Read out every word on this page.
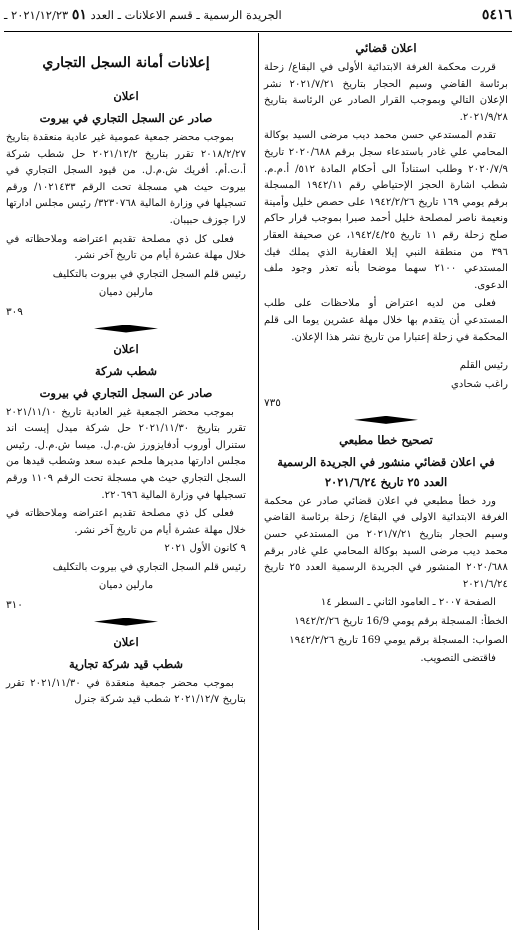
٥٤١٦
الجريدة الرسمية ـ قسم الاعلانات ـ العدد ٥١ ٢٠٢١/١٢/٢٣ ـ

اعلان قضائي

قررت محكمة الغرفة الابتدائية الأولى في البقاع/ زحلة برئاسة القاضي وسيم الحجار بتاريخ ٢٠٢١/٧/٢١ نشر الإعلان التالي وبموجب القرار الصادر عن الرئاسة بتاريخ ٢٠٢١/٩/٢٨.

تقدم المستدعي حسن محمد ديب مرضى السيد بوكالة المحامي علي غادر باستدعاء سجل برقم ٢٠٢٠/٦٨٨ تاريخ ٢٠٢٠/٧/٩ وطلب استناداً الى أحكام المادة ٥١٢/ أ.م.م. شطب اشارة الحجز الإحتياطي رقم ١٩٤٢/١١ المسجلة برقم يومي ١٦٩ تاريخ ١٩٤٢/٢/٢٦ على حصص خليل وأمينة ونعيمة ناصر لمصلحة خليل أحمد صبرا بموجب قرار حاكم صلح زحلة رقم ١١ تاريخ ١٩٤٢/٤/٢٥، عن صحيفة العقار ٣٩٦ من منطقة النبي إيلا العقارية الذي يملك فيك المستدعي ٢١٠٠ سهما موضحا بأنه تعذر وجود ملف الدعوى.

فعلى من لديه اعتراض أو ملاحظات على طلب المستدعي أن يتقدم بها خلال مهلة عشرين يوما الى قلم المحكمة في زحلة إعتبارا من تاريخ نشر هذا الإعلان.

رئيس القلم

راغب شحادي

٧٣٥

تصحيح خطا مطبعي

في اعلان قضائي منشور في الجريدة الرسمية العدد ٢٥ تاريخ ٢٠٢١/٦/٢٤

ورد خطأ مطبعي في اعلان قضائي صادر عن محكمة الغرفة الابتدائية الاولى في البقاع/ زحلة برئاسة القاضي وسيم الحجار بتاريخ ٢٠٢١/٧/٢١ من المستدعي حسن محمد ديب مرضى السيد بوكالة المحامي علي غادر برقم ٢٠٢٠/٦٨٨ المنشور في الجريدة الرسمية العدد ٢٥ تاريخ ٢٠٢١/٦/٢٤

الصفحة ٢٠٠٧ ـ العامود الثاني ـ السطر ١٤

الخطأ: المسجلة برقم يومي 16/9 تاريخ ١٩٤٢/٢/٢٦

الصواب: المسجلة برقم يومي 169 تاريخ ١٩٤٢/٢/٢٦

فاقتضى التصويب.

إعلانات أمانة السجل التجاري

اعلان

صادر عن السجل التجاري في بيروت

بموجب محضر جمعية عمومية غير عادية منعقدة بتاريخ ٢٠١٨/٢/٢٧ تقرر بتاريخ ٢٠٢١/١٢/٢ حل شطب شركة أ.ت.أم. أفريك ش.م.ل. من قيود السجل التجاري في بيروت حيث هي مسجلة تحت الرقم ١٠٢١٤٣٣/ ورقم تسجيلها في وزارة المالية ٣٢٣٠٧٦٨/ رئيس مجلس ادارتها لارا جوزف حبيبان.

فعلى كل ذي مصلحة تقديم اعتراضه وملاحظاته في خلال مهلة عشرة أيام من تاريخ آخر نشر.

رئيس قلم السجل التجاري في بيروت بالتكليف

مارلين دميان

٣٠٩

اعلان

شطب شركة

صادر عن السجل التجاري في بيروت

بموجب محضر الجمعية غير العادية تاريخ ٢٠٢١/١١/١٠ تقرر بتاريخ ٢٠٢١/١١/٣٠ حل شركة ميدل إيست اند ستنرال أوروب أدفايزورز ش.م.ل. ميسا ش.م.ل. رئيس مجلس ادارتها مديرها ملحم عبده سعد وشطب قيدها من السجل التجاري حيث هي مسجلة تحت الرقم ١١٠٩ ورقم تسجيلها في وزارة المالية ٢٢٠٦٩٦.

فعلى كل ذي مصلحة تقديم اعتراضه وملاحظاته في خلال مهلة عشرة أيام من تاريخ آخر نشر.

٩ كانون الأول ٢٠٢١

رئيس قلم السجل التجاري في بيروت بالتكليف

مارلين دميان

٣١٠

اعلان

شطب قيد شركة تجارية

بموجب محضر جمعية منعقدة في ٢٠٢١/١١/٣٠ تقرر بتاريخ ٢٠٢١/١٢/٧ شطب قيد شركة جنرل
